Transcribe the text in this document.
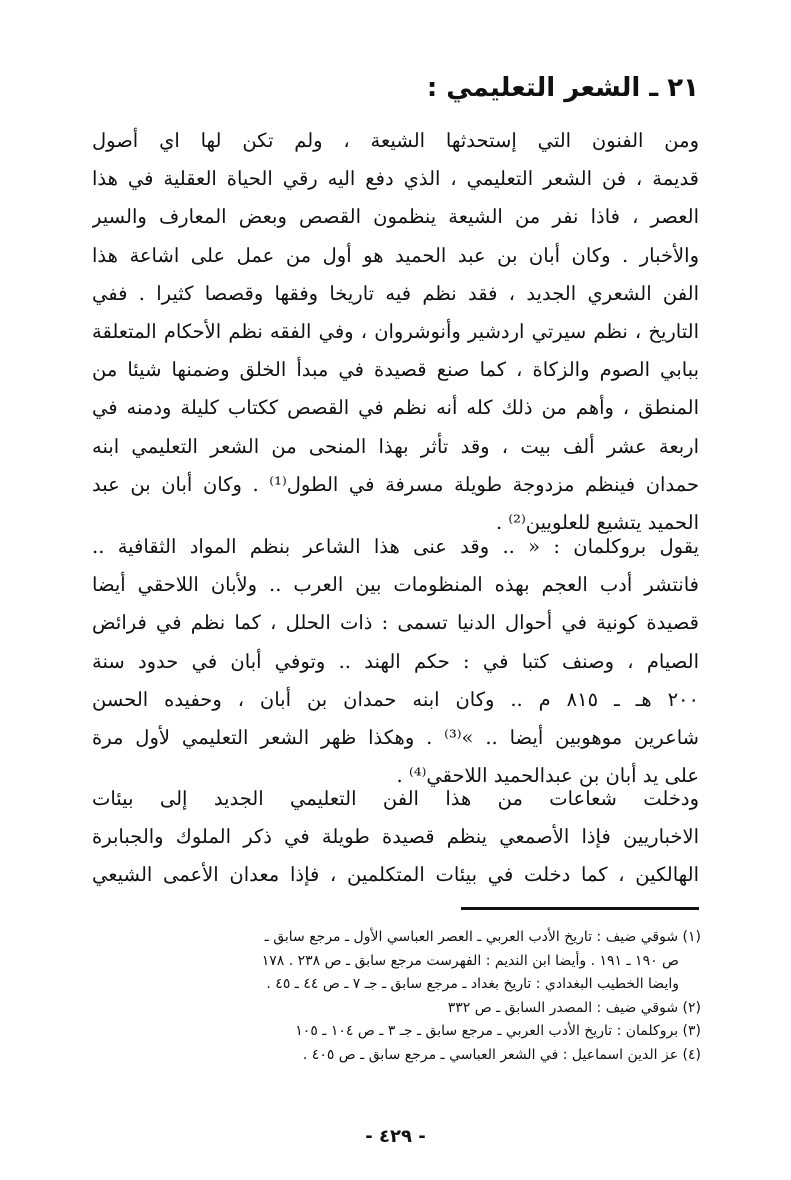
٢١ ـ الشعر التعليمي :
ومن الفنون التي إستحدثها الشيعة ، ولم تكن لها اي أصول
قديمة ، فن الشعر التعليمي ، الذي دفع اليه رقي الحياة العقلية في هذا
العصر ، فاذا نفر من الشيعة ينظمون القصص وبعض المعارف والسير
والأخبار . وكان أبان بن عبد الحميد هو أول من عمل على اشاعة هذا
الفن الشعري الجديد ، فقد نظم فيه تاريخا وفقها وقصصا كثيرا . ففي
التاريخ ، نظم سيرتي اردشير وأنوشروان ، وفي الفقه نظم الأحكام المتعلقة
ببابي الصوم والزكاة ، كما صنع قصيدة في مبدأ الخلق وضمنها شيئا من
المنطق ، وأهم من ذلك كله أنه نظم في القصص ككتاب كليلة ودمنه في
اربعة عشر ألف بيت ، وقد تأثر بهذا المنحى من الشعر التعليمي ابنه
حمدان فينظم مزدوجة طويلة مسرفة في الطول⁽¹⁾ . وكان أبان بن عبد
الحميد يتشيع للعلويين⁽²⁾ .
يقول بروكلمان : « .. وقد عنى هذا الشاعر بنظم المواد الثقافية ..
فانتشر أدب العجم بهذه المنظومات بين العرب .. ولأبان اللاحقي أيضا
قصيدة كونية في أحوال الدنيا تسمى : ذات الحلل ، كما نظم في فرائض
الصيام ، وصنف كتبا في : حكم الهند .. وتوفي أبان في حدود سنة
٢٠٠ هـ ـ ٨١٥ م .. وكان ابنه حمدان بن أبان ، وحفيده الحسن
شاعرين موهوبين أيضا .. »⁽³⁾ . وهكذا ظهر الشعر التعليمي لأول مرة
على يد أبان بن عبدالحميد اللاحقي⁽⁴⁾ .
ودخلت شعاعات من هذا الفن التعليمي الجديد إلى بيئات
الاخباريين فإذا الأصمعي ينظم قصيدة طويلة في ذكر الملوك والجبابرة
الهالكين ، كما دخلت في بيئات المتكلمين ، فإذا معدان الأعمى الشيعي
(١) شوقي ضيف : تاريخ الأدب العربي ـ العصر العباسي الأول ـ مرجع سابق ـ
ص ١٩٠ ـ ١٩١ . وأيضا ابن النديم : الفهرست مرجع سابق ـ ص ٢٣٨ . ١٧٨
وايضا الخطيب البغدادي : تاريخ بغداد ـ مرجع سابق ـ جـ ٧ ـ ص ٤٤ ـ ٤٥ .
(٢) شوقي ضيف : المصدر السابق ـ ص ٣٣٢
(٣) بروكلمان : تاريخ الأدب العربي ـ مرجع سابق ـ جـ ٣ ـ ص ١٠٤ ـ ١٠٥
(٤) عز الدين اسماعيل : في الشعر العباسي ـ مرجع سابق ـ ص ٤٠٥ .
- ٤٢٩ -
